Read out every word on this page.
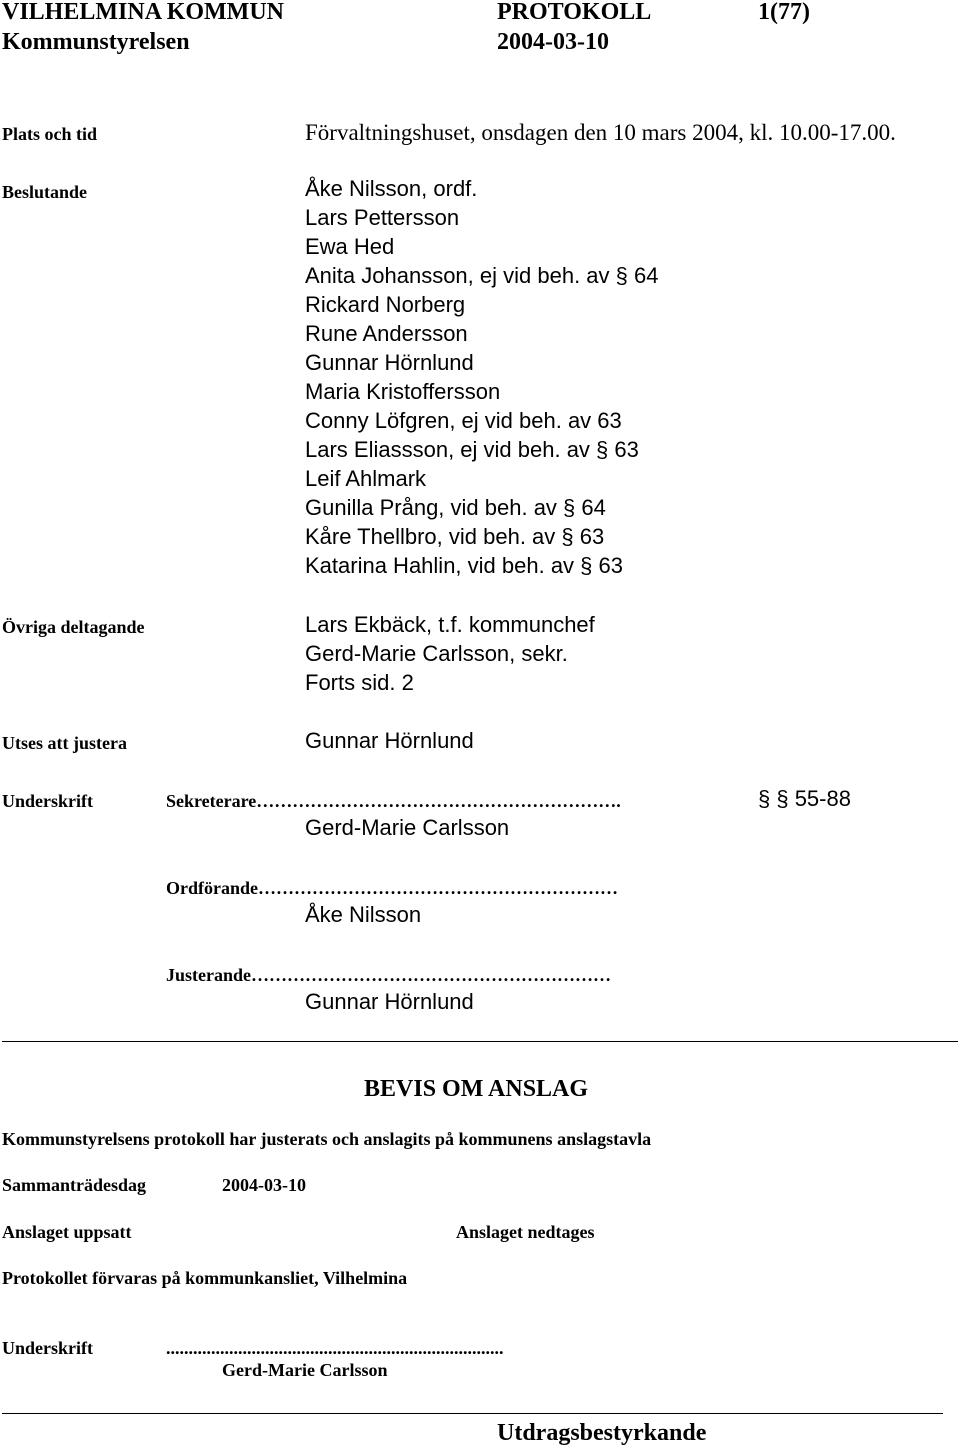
VILHELMINA KOMMUN	PROTOKOLL	1(77)
Kommunstyrelsen	2004-03-10
Plats och tid	Förvaltningshuset, onsdagen den 10 mars 2004, kl. 10.00-17.00.
Beslutande	Åke Nilsson, ordf.
Lars Pettersson
Ewa Hed
Anita Johansson, ej vid beh. av § 64
Rickard Norberg
Rune Andersson
Gunnar Hörnlund
Maria Kristoffersson
Conny Löfgren, ej vid beh. av 63
Lars Eliassson, ej vid beh. av § 63
Leif Ahlmark
Gunilla Prång, vid beh. av § 64
Kåre Thellbro, vid beh. av § 63
Katarina Hahlin, vid beh. av § 63
Övriga deltagande	Lars Ekbäck, t.f. kommunchef
Gerd-Marie Carlsson, sekr.
Forts sid. 2
Utses att justera	Gunnar Hörnlund
Underskrift	Sekreterare…………………………………………………….	§ § 55-88
Gerd-Marie Carlsson
Ordförande……………………………………………………
Åke Nilsson
Justerande……………………………………………………
Gunnar Hörnlund
BEVIS OM ANSLAG
Kommunstyrelsens protokoll har justerats och anslagits på kommunens anslagstavla
Sammanträdesdag	2004-03-10
Anslaget uppsatt	Anslaget nedtages
Protokollet förvaras på kommunkansliet, Vilhelmina
Underskrift	...........................................................................
Gerd-Marie Carlsson
Utdragsbestyrkande
